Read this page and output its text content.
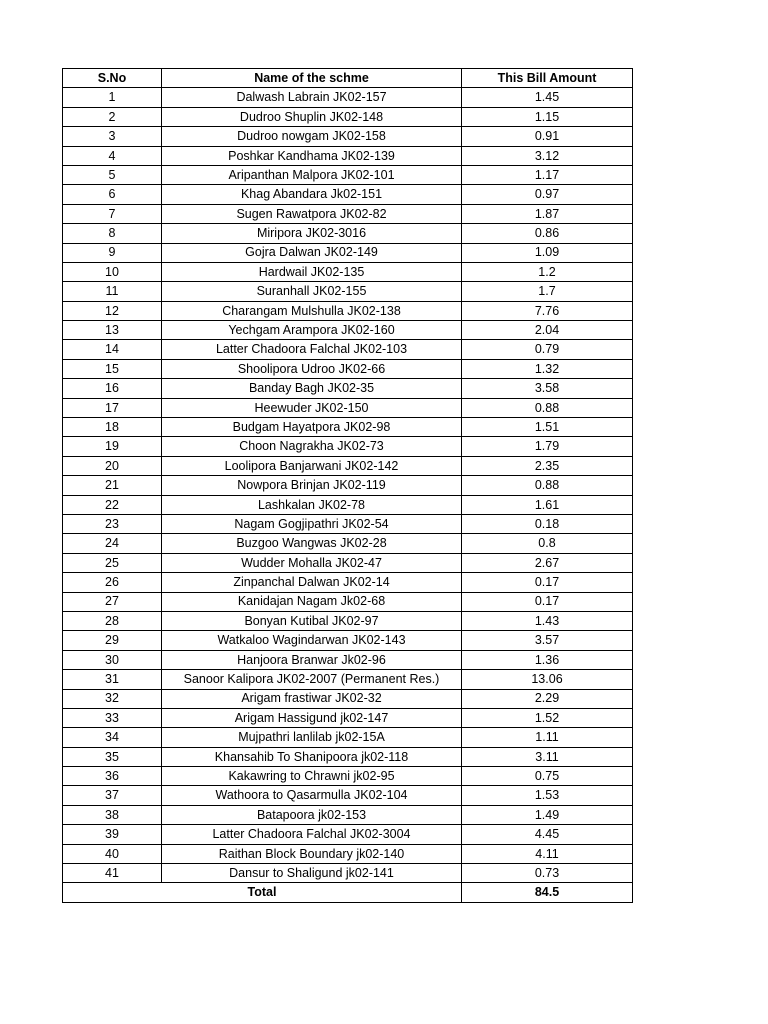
S.No	Name of the schme	This Bill Amount
1	Dalwash Labrain JK02-157	1.45
2	Dudroo Shuplin JK02-148	1.15
3	Dudroo nowgam JK02-158	0.91
4	Poshkar Kandhama JK02-139	3.12
5	Aripanthan Malpora JK02-101	1.17
6	Khag Abandara Jk02-151	0.97
7	Sugen Rawatpora JK02-82	1.87
8	Miripora JK02-3016	0.86
9	Gojra Dalwan JK02-149	1.09
10	Hardwail JK02-135	1.2
11	Suranhall JK02-155	1.7
12	Charangam Mulshulla JK02-138	7.76
13	Yechgam Arampora JK02-160	2.04
14	Latter Chadoora Falchal JK02-103	0.79
15	Shoolipora Udroo JK02-66	1.32
16	Banday Bagh JK02-35	3.58
17	Heewuder JK02-150	0.88
18	Budgam Hayatpora JK02-98	1.51
19	Choon Nagrakha JK02-73	1.79
20	Loolipora Banjarwani JK02-142	2.35
21	Nowpora Brinjan JK02-119	0.88
22	Lashkalan JK02-78	1.61
23	Nagam Gogjipathri JK02-54	0.18
24	Buzgoo Wangwas JK02-28	0.8
25	Wudder Mohalla JK02-47	2.67
26	Zinpanchal Dalwan JK02-14	0.17
27	Kanidajan Nagam Jk02-68	0.17
28	Bonyan Kutibal JK02-97	1.43
29	Watkaloo Wagindarwan JK02-143	3.57
30	Hanjoora Branwar Jk02-96	1.36
31	Sanoor Kalipora JK02-2007 (Permanent Res.)	13.06
32	Arigam frastiwar JK02-32	2.29
33	Arigam Hassigund jk02-147	1.52
34	Mujpathri lanlilab jk02-15A	1.11
35	Khansahib To Shanipoora jk02-118	3.11
36	Kakawring to Chrawni jk02-95	0.75
37	Wathoora to Qasarmulla JK02-104	1.53
38	Batapoora jk02-153	1.49
39	Latter Chadoora Falchal JK02-3004	4.45
40	Raithan Block Boundary jk02-140	4.11
41	Dansur to Shaligund jk02-141	0.73
Total		84.5
